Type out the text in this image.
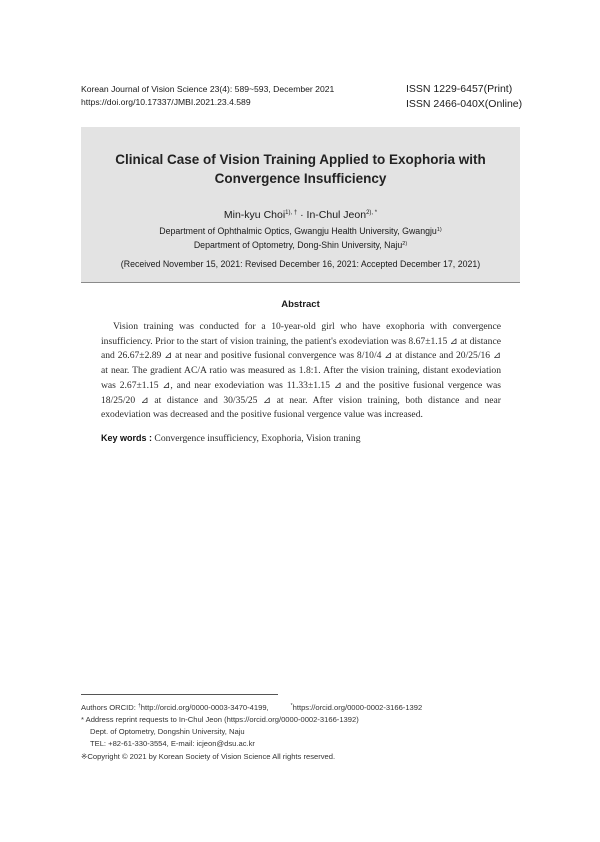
Korean Journal of Vision Science 23(4): 589~593, December 2021
https://doi.org/10.17337/JMBI.2021.23.4.589
ISSN 1229-6457(Print)
ISSN 2466-040X(Online)
Clinical Case of Vision Training Applied to Exophoria with
Convergence Insufficiency
Min-kyu Choi$^{1), \dagger}$ · In-Chul Jeon$^{2), *}$
Department of Ophthalmic Optics, Gwangju Health University, Gwangju$^{1)}$
Department of Optometry, Dong-Shin University, Naju$^{2)}$
(Received November 15, 2021: Revised December 16, 2021: Accepted December 17, 2021)
Abstract
Vision training was conducted for a 10-year-old girl who have exophoria with convergence insufficiency. Prior to the start of vision training, the patient's exodeviation was 8.67±1.15 ⊿ at distance and 26.67±2.89 ⊿ at near and positive fusional convergence was 8/10/4 ⊿ at distance and 20/25/16 ⊿ at near. The gradient AC/A ratio was measured as 1.8:1. After the vision training, distant exodeviation was 2.67±1.15 ⊿, and near exodeviation was 11.33±1.15 ⊿ and the positive fusional vergence was 18/25/20 ⊿ at distance and 30/35/25 ⊿ at near. After vision training, both distance and near exodeviation was decreased and the positive fusional vergence value was increased.
Key words : Convergence insufficiency, Exophoria, Vision traning
Authors ORCID: †http://orcid.org/0000-0003-3470-4199,	*https://orcid.org/0000-0002-3166-1392
* Address reprint requests to In-Chul Jeon (https://orcid.org/0000-0002-3166-1392)
Dept. of Optometry, Dongshin University, Naju
TEL: +82-61-330-3554, E-mail: icjeon@dsu.ac.kr
※Copyright © 2021 by Korean Society of Vision Science All rights reserved.
